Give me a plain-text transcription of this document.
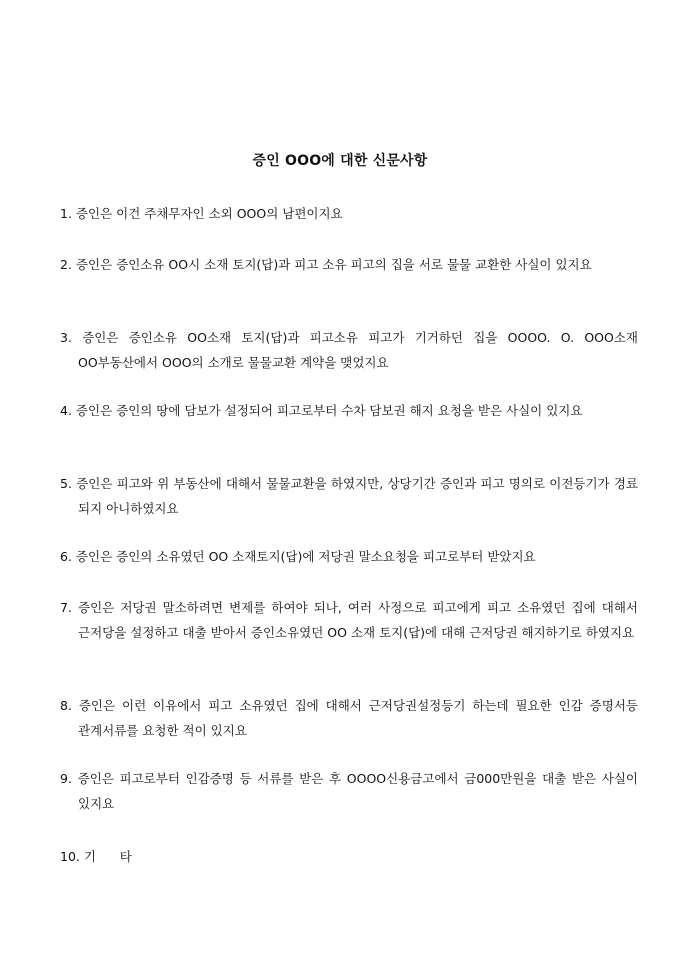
증인 OOO에 대한 신문사항
1. 증인은 이건 주채무자인 소외 OOO의 남편이지요
2. 증인은 증인소유 OO시 소재 토지(답)과 피고 소유 피고의 집을 서로 물물 교환한 사실이 있지요
3. 증인은 증인소유 OO소재 토지(답)과 피고소유 피고가 기거하던 집을 OOOO. O. OOO소재 OO부동산에서 OOO의 소개로 물물교환 계약을 맺었지요
4. 증인은 증인의 땅에 담보가 설정되어 피고로부터 수차 담보권 해지 요청을 받은 사실이 있지요
5. 증인은 피고와 위 부동산에 대해서 물물교환을 하였지만, 상당기간 증인과 피고 명의로 이전등기가 경료 되지 아니하였지요
6. 증인은 증인의 소유였던 OO 소재토지(답)에 저당권 말소요청을 피고로부터 받았지요
7. 증인은 저당권 말소하려면 변제를 하여야 되나, 여러 사정으로 피고에게 피고 소유였던 집에 대해서 근저당을 설정하고 대출 받아서 증인소유였던 OO 소재 토지(답)에 대해 근저당권 해지하기로 하였지요
8. 증인은 이런 이유에서 피고 소유였던 집에 대해서 근저당권설정등기 하는데 필요한 인감 증명서등 관계서류를 요청한 적이 있지요
9. 증인은 피고로부터 인감증명 등 서류를 받은 후 OOOO신용금고에서 금000만원을 대출 받은 사실이 있지요
10. 기      타
